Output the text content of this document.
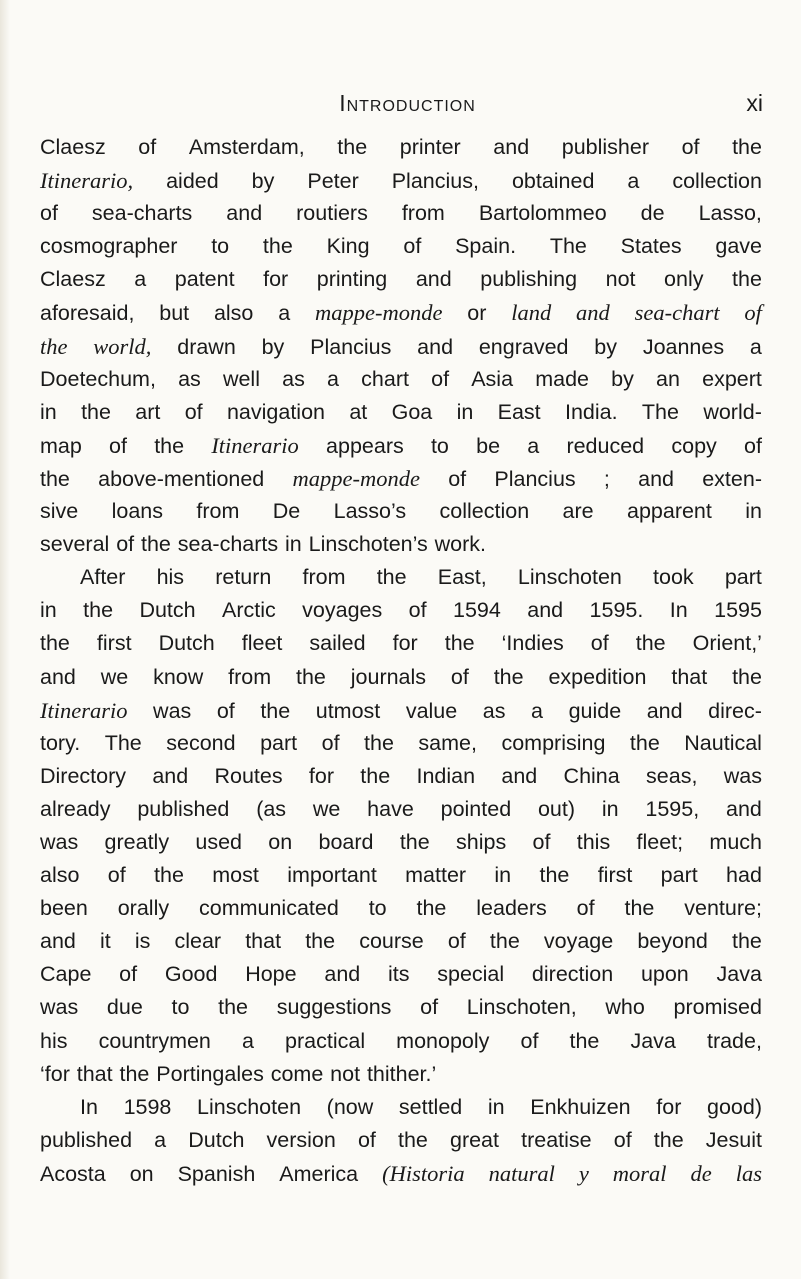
Introduction	xi
Claesz of Amsterdam, the printer and publisher of the
Itinerario, aided by Peter Plancius, obtained a collection
of sea-charts and routiers from Bartolommeo de Lasso,
cosmographer to the King of Spain. The States gave
Claesz a patent for printing and publishing not only the
aforesaid, but also a mappe-monde or land and sea-chart of
the world, drawn by Plancius and engraved by Joannes a
Doetechum, as well as a chart of Asia made by an expert
in the art of navigation at Goa in East India. The world-
map of the Itinerario appears to be a reduced copy of
the above-mentioned mappe-monde of Plancius ; and exten-
sive loans from De Lasso’s collection are apparent in
several of the sea-charts in Linschoten’s work.
After his return from the East, Linschoten took part
in the Dutch Arctic voyages of 1594 and 1595. In 1595
the first Dutch fleet sailed for the ‘Indies of the Orient,’
and we know from the journals of the expedition that the
Itinerario was of the utmost value as a guide and direc-
tory. The second part of the same, comprising the Nautical
Directory and Routes for the Indian and China seas, was
already published (as we have pointed out) in 1595, and
was greatly used on board the ships of this fleet; much
also of the most important matter in the first part had
been orally communicated to the leaders of the venture;
and it is clear that the course of the voyage beyond the
Cape of Good Hope and its special direction upon Java
was due to the suggestions of Linschoten, who promised
his countrymen a practical monopoly of the Java trade,
‘for that the Portingales come not thither.’
In 1598 Linschoten (now settled in Enkhuizen for good)
published a Dutch version of the great treatise of the Jesuit
Acosta on Spanish America (Historia natural y moral de las
